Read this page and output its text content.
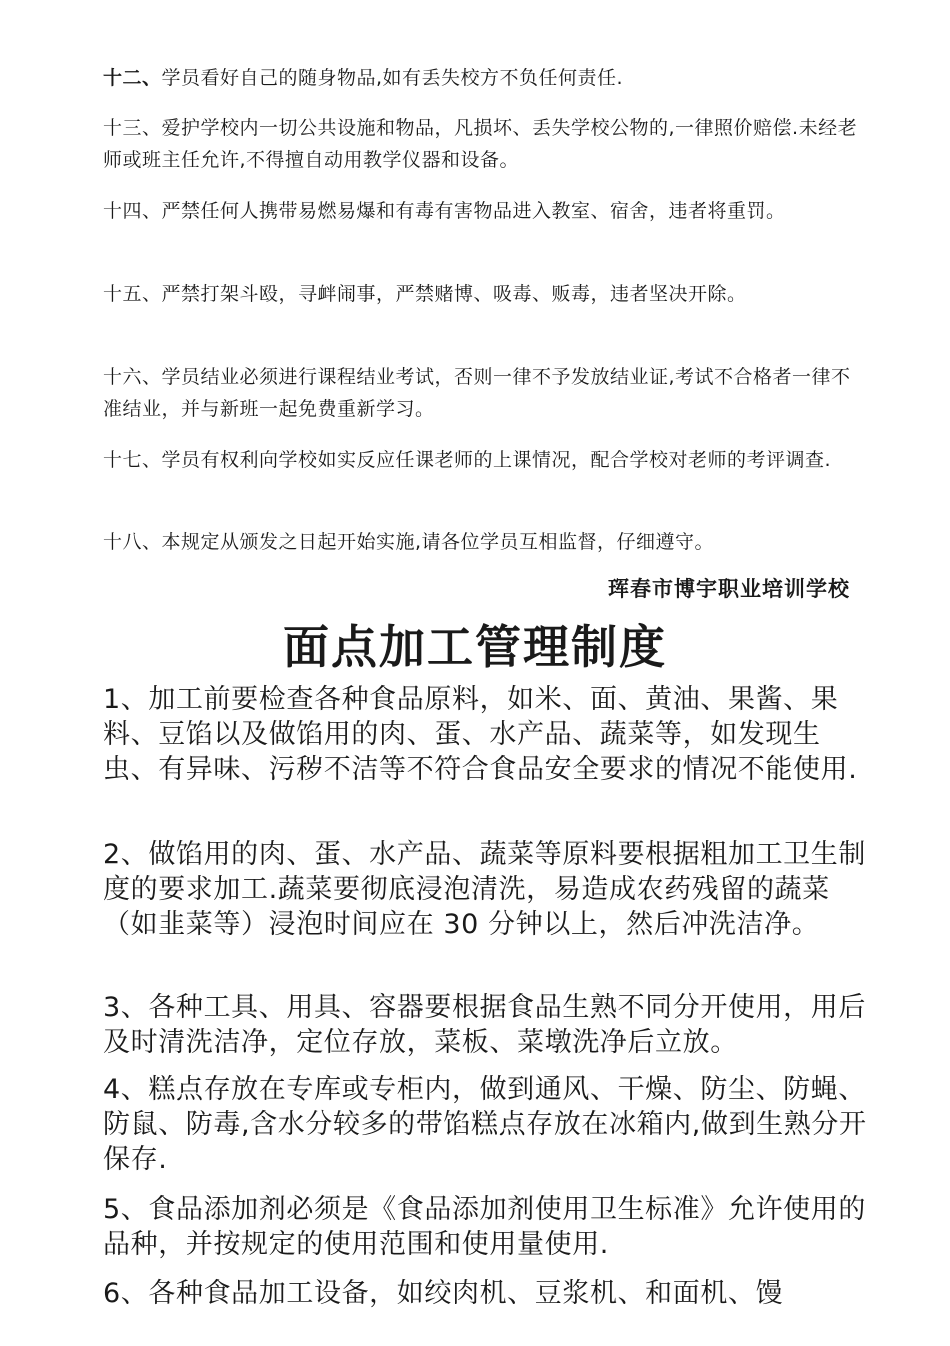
十二、学员看好自己的随身物品,如有丢失校方不负任何责任.

十三、爱护学校内一切公共设施和物品，凡损坏、丢失学校公物的,一律照价赔偿.未经老师或班主任允许,不得擅自动用教学仪器和设备。

十四、严禁任何人携带易燃易爆和有毒有害物品进入教室、宿舍，违者将重罚。

十五、严禁打架斗殴，寻衅闹事，严禁赌博、吸毒、贩毒，违者坚决开除。

十六、学员结业必须进行课程结业考试，否则一律不予发放结业证,考试不合格者一律不准结业，并与新班一起免费重新学习。

十七、学员有权利向学校如实反应任课老师的上课情况，配合学校对老师的考评调查.

十八、本规定从颁发之日起开始实施,请各位学员互相监督，仔细遵守。

珲春市博宇职业培训学校

面点加工管理制度

1、加工前要检查各种食品原料，如米、面、黄油、果酱、果料、豆馅以及做馅用的肉、蛋、水产品、蔬菜等，如发现生虫、有异味、污秽不洁等不符合食品安全要求的情况不能使用.

2、做馅用的肉、蛋、水产品、蔬菜等原料要根据粗加工卫生制度的要求加工.蔬菜要彻底浸泡清洗，易造成农药残留的蔬菜（如韭菜等）浸泡时间应在 30 分钟以上，然后冲洗洁净。

3、各种工具、用具、容器要根据食品生熟不同分开使用，用后及时清洗洁净，定位存放，菜板、菜墩洗净后立放。

4、糕点存放在专库或专柜内，做到通风、干燥、防尘、防蝇、防鼠、防毒,含水分较多的带馅糕点存放在冰箱内,做到生熟分开保存.

5、食品添加剂必须是《食品添加剂使用卫生标准》允许使用的品种，并按规定的使用范围和使用量使用.

6、各种食品加工设备，如绞肉机、豆浆机、和面机、馒
